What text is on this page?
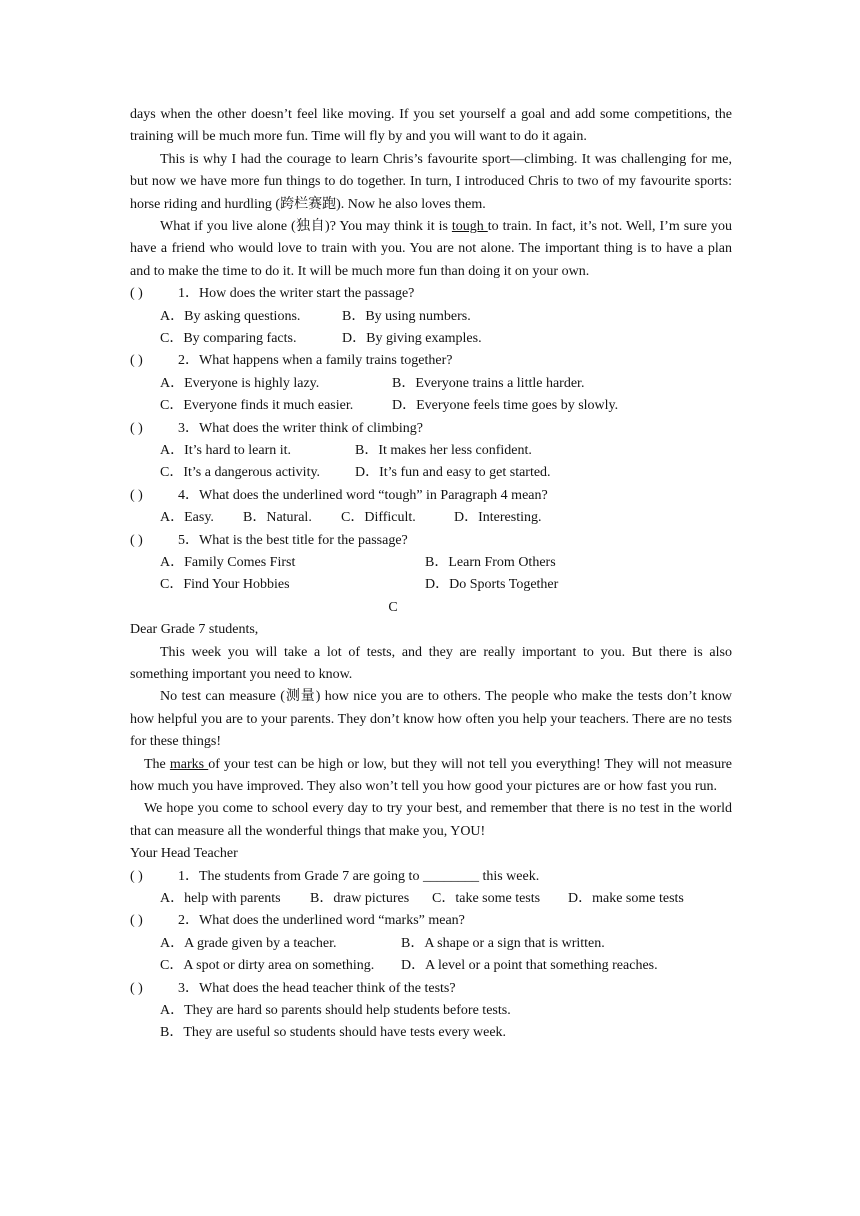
days when the other doesn’t feel like moving. If you set yourself a goal and add some competitions, the training will be much more fun. Time will fly by and you will want to do it again.

This is why I had the courage to learn Chris’s favourite sport—climbing. It was challenging for me, but now we have more fun things to do together. In turn, I introduced Chris to two of my favourite sports: horse riding and hurdling (跨栏赛跑). Now he also loves them.

What if you live alone (独自)? You may think it is tough to train. In fact, it’s not. Well, I’m sure you have a friend who would love to train with you. You are not alone. The important thing is to have a plan and to make the time to do it. It will be much more fun than doing it on your own.

( )	1． How does the writer start the passage?
A．By asking questions.	B．By using numbers.
C．By comparing facts.	D．By giving examples.
( )	2． What happens when a family trains together?
A．Everyone is highly lazy.	B．Everyone trains a little harder.
C．Everyone finds it much easier.	D．Everyone feels time goes by slowly.
( )	3． What does the writer think of climbing?
A．It’s hard to learn it.	B．It makes her less confident.
C．It’s a dangerous activity. D．It’s fun and easy to get started.
( )	4． What does the underlined word “tough” in Paragraph 4 mean?
A．Easy. B．Natural. C．Difficult.	D．Interesting.
( )	5． What is the best title for the passage?
A．Family Comes First	B．Learn From Others
C．Find Your Hobbies	D．Do Sports Together

C

Dear Grade 7 students,

This week you will take a lot of tests, and they are really important to you. But there is also something important you need to know.

No test can measure (测量) how nice you are to others. The people who make the tests don’t know how helpful you are to your parents. They don’t know how often you help your teachers. There are no tests for these things!

The marks of your test can be high or low, but they will not tell you everything! They will not measure how much you have improved. They also won’t tell you how good your pictures are or how fast you run.

We hope you come to school every day to try your best, and remember that there is no test in the world that can measure all the wonderful things that make you, YOU!

Your Head Teacher

( )	1． The students from Grade 7 are going to ________ this week.
A．help with parents B．draw pictures C．take some tests D．make some tests
( )	2． What does the underlined word “marks” mean?
A．A grade given by a teacher.	B．A shape or a sign that is written.
C．A spot or dirty area on something. D．A level or a point that something reaches.
( )	3． What does the head teacher think of the tests?
A．They are hard so parents should help students before tests.
B．They are useful so students should have tests every week.
